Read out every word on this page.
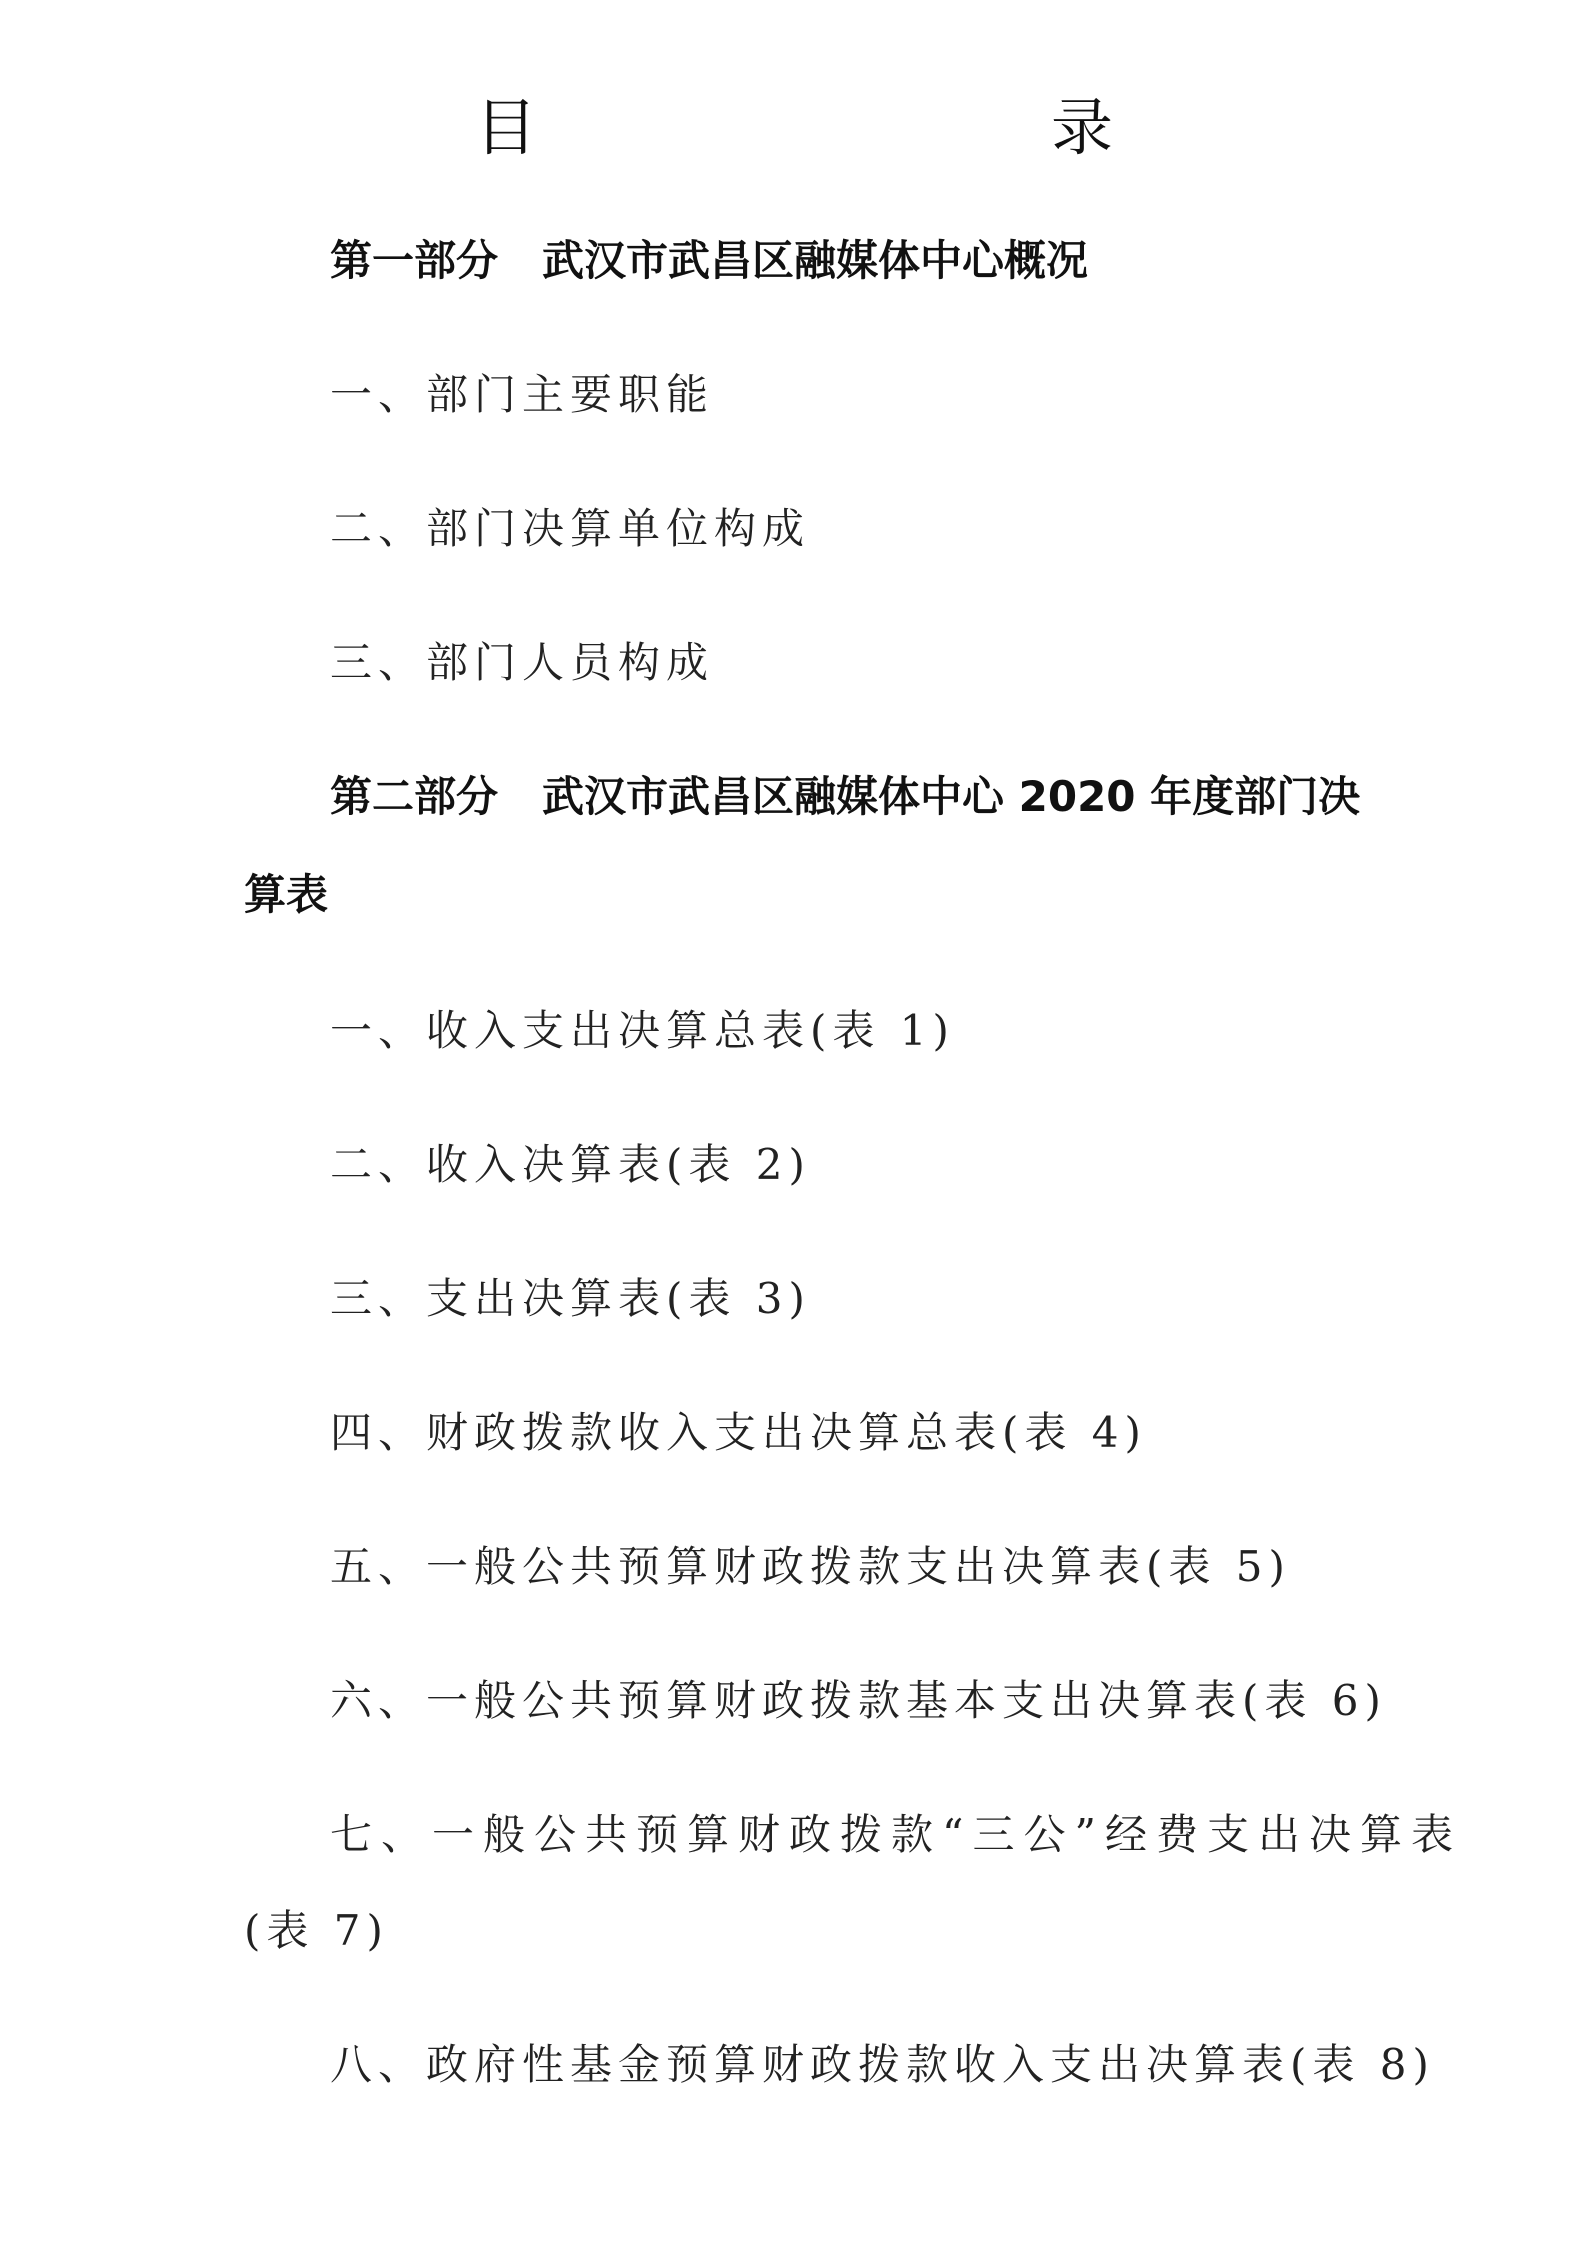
目　　录
第一部分 武汉市武昌区融媒体中心概况
一、部门主要职能
二、部门决算单位构成
三、部门人员构成
第二部分 武汉市武昌区融媒体中心 2020 年度部门决
算表
一、收入支出决算总表(表 1)
二、收入决算表(表 2)
三、支出决算表(表 3)
四、财政拨款收入支出决算总表(表 4)
五、一般公共预算财政拨款支出决算表(表 5)
六、一般公共预算财政拨款基本支出决算表(表 6)
七、一般公共预算财政拨款“三公”经费支出决算表
(表 7)
八、政府性基金预算财政拨款收入支出决算表(表 8)
